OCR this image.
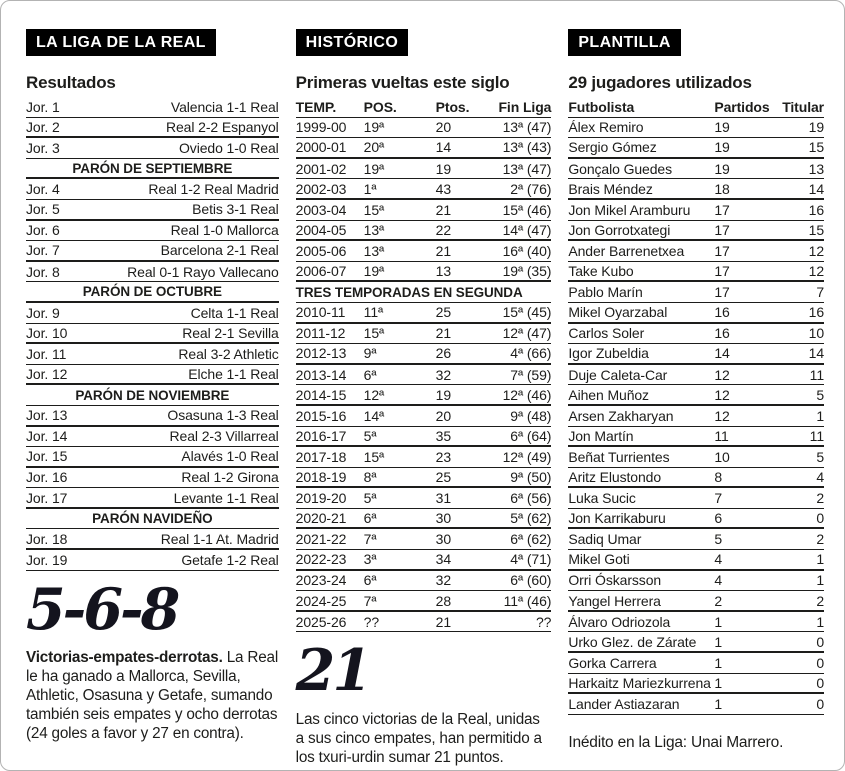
LA LIGA DE LA REAL
Resultados
Jor. 1	Valencia 1-1 Real
Jor. 2	Real 2-2 Espanyol
Jor. 3	Oviedo 1-0 Real
PARÓN DE SEPTIEMBRE
Jor. 4	Real 1-2 Real Madrid
Jor. 5	Betis 3-1 Real
Jor. 6	Real 1-0 Mallorca
Jor. 7	Barcelona 2-1 Real
Jor. 8	Real 0-1 Rayo Vallecano
PARÓN DE OCTUBRE
Jor. 9	Celta 1-1 Real
Jor. 10	Real 2-1 Sevilla
Jor. 11	Real 3-2 Athletic
Jor. 12	Elche 1-1 Real
PARÓN DE NOVIEMBRE
Jor. 13	Osasuna 1-3 Real
Jor. 14	Real 2-3 Villarreal
Jor. 15	Alavés 1-0 Real
Jor. 16	Real 1-2 Girona
Jor. 17	Levante 1-1 Real
PARÓN NAVIDEÑO
Jor. 18	Real 1-1 At. Madrid
Jor. 19	Getafe 1-2 Real
5-6-8

Victorias-empates-derrotas. La Real le ha ganado a Mallorca, Sevilla, Athletic, Osasuna y Getafe, sumando también seis empates y ocho derrotas (24 goles a favor y 27 en contra).

HISTÓRICO
Primeras vueltas este siglo
TEMP.	POS.	Ptos.	Fin Liga
1999-00	19ª	20	13ª (47)
2000-01	20ª	14	13ª (43)
2001-02	19ª	19	13ª (47)
2002-03	1ª	43	2ª (76)
2003-04	15ª	21	15ª (46)
2004-05	13ª	22	14ª (47)
2005-06	13ª	21	16ª (40)
2006-07	19ª	13	19ª (35)
TRES TEMPORADAS EN SEGUNDA
2010-11	11ª	25	15ª (45)
2011-12	15ª	21	12ª (47)
2012-13	9ª	26	4ª (66)
2013-14	6ª	32	7ª (59)
2014-15	12ª	19	12ª (46)
2015-16	14ª	20	9ª (48)
2016-17	5ª	35	6ª (64)
2017-18	15ª	23	12ª (49)
2018-19	8ª	25	9ª (50)
2019-20	5ª	31	6ª (56)
2020-21	6ª	30	5ª (62)
2021-22	7ª	30	6ª (62)
2022-23	3ª	34	4ª (71)
2023-24	6ª	32	6ª (60)
2024-25	7ª	28	11ª (46)
2025-26	??	21	??
21

Las cinco victorias de la Real, unidas a sus cinco empates, han permitido a los txuri-urdin sumar 21 puntos.

PLANTILLA
29 jugadores utilizados
Futbolista	Partidos Titular
Álex Remiro	19	19
Sergio Gómez	19	15
Gonçalo Guedes	19	13
Brais Méndez	18	14
Jon Mikel Aramburu	17	16
Jon Gorrotxategi	17	15
Ander Barrenetxea	17	12
Take Kubo	17	12
Pablo Marín	17	7
Mikel Oyarzabal	16	16
Carlos Soler	16	10
Igor Zubeldia	14	14
Duje Caleta-Car	12	11
Aihen Muñoz	12	5
Arsen Zakharyan	12	1
Jon Martín	11	11
Beñat Turrientes	10	5
Aritz Elustondo	8	4
Luka Sucic	7	2
Jon Karrikaburu	6	0
Sadiq Umar	5	2
Mikel Goti	4	1
Orri Óskarsson	4	1
Yangel Herrera	2	2
Álvaro Odriozola	1	1
Urko Glez. de Zárate	1	0
Gorka Carrera	1	0
Harkaitz Mariezkurrena 1	0
Lander Astiazaran	1	0
Inédito en la Liga: Unai Marrero.
